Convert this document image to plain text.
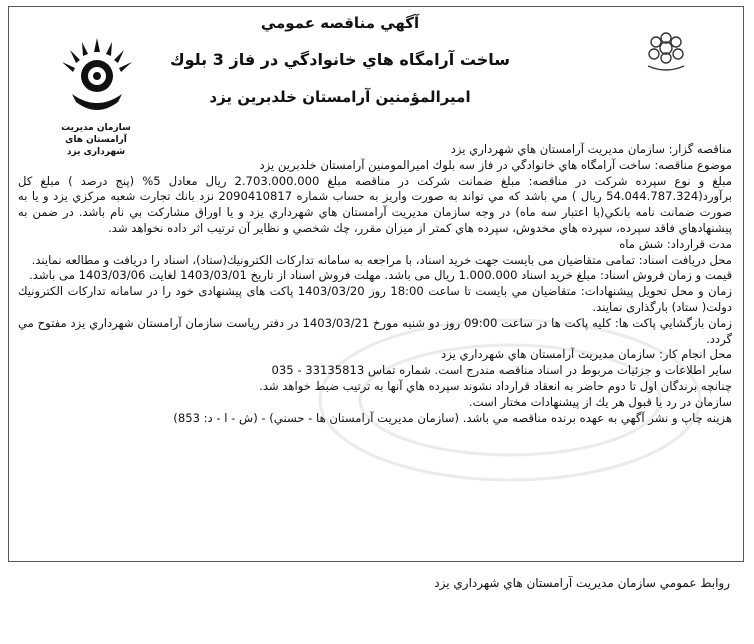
سازمان مدیریت آرامستان های
شهرداری یزد
آگهي مناقصه عمومي
ساخت آرامگاه هاي خانوادگي در فاز 3 بلوك
اميرالمؤمنين آرامستان خلدبرين يزد

مناقصه گزار: سازمان مديريت آرامستان هاي شهرداري يزد

موضوع مناقصه: ساخت آرامگاه هاي خانوادگي در فاز سه بلوك اميرالمومنين آرامستان خلدبرين يزد

مبلغ و نوع سپرده شركت در مناقصه: مبلغ ضمانت شركت در مناقصه مبلغ 2.703.000.000 ريال معادل 5% (پنج درصد ) مبلغ كل برآورد(54.044.787.324 ريال ) مي باشد كه مي تواند به صورت واريز به حساب شماره 2090410817 نزد بانك تجارت شعبه مركزي يزد و يا به صورت ضمانت نامه بانكي(با اعتبار سه ماه) در وجه سازمان مديريت آرامستان هاي شهرداري يزد و يا اوراق مشاركت بي نام باشد. در ضمن به پيشنهادهاي فاقد سپرده، سپرده هاي مخدوش، سپرده هاي كمتر از ميزان مقرر، چك شخصي و نظاير آن ترتيب اثر داده نخواهد شد.

مدت قرارداد: شش ماه

محل دريافت اسناد: تمامی متقاضيان می بايست جهت خريد اسناد، با مراجعه به سامانه تداركات الكترونيك(ستاد)، اسناد را دريافت و مطالعه نمايند.

قيمت و زمان فروش اسناد: مبلغ خريد اسناد 1.000.000 ريال می باشد. مهلت فروش اسناد از تاريخ 1403/03/01 لغايت 1403/03/06 می باشد.

زمان و محل تحويل پيشنهادات: متقاضيان مي بايست تا ساعت 18:00 روز 1403/03/20 پاكت های پيشنهادی خود را در سامانه تداركات الكترونيك دولت( ستاد) بارگذاری نمايند.

زمان بازگشايي پاكت ها: كليه پاكت ها در ساعت 09:00 روز دو شنبه مورخ 1403/03/21 در دفتر رياست سازمان آرامستان شهرداري يزد مفتوح مي گردد.

محل انجام كار: سازمان مديريت آرامستان هاي شهرداري يزد

ساير اطلاعات و جزئيات مربوط در اسناد مناقصه مندرج است. شماره تماس 33135813 - 035

چنانچه برندگان اول تا دوم حاضر به انعقاد قرارداد نشوند سپرده هاي آنها به ترتيب ضبط خواهد شد.

سازمان در رد يا قبول هر يك از پيشنهادات مختار است.

هزينه چاپ و نشر آگهي به عهده برنده مناقصه مي باشد. (سازمان مديريت آرامستان ها - حسني) - (ش - ا - د: 853)

روابط عمومي سازمان مديريت آرامستان هاي شهرداري يزد
